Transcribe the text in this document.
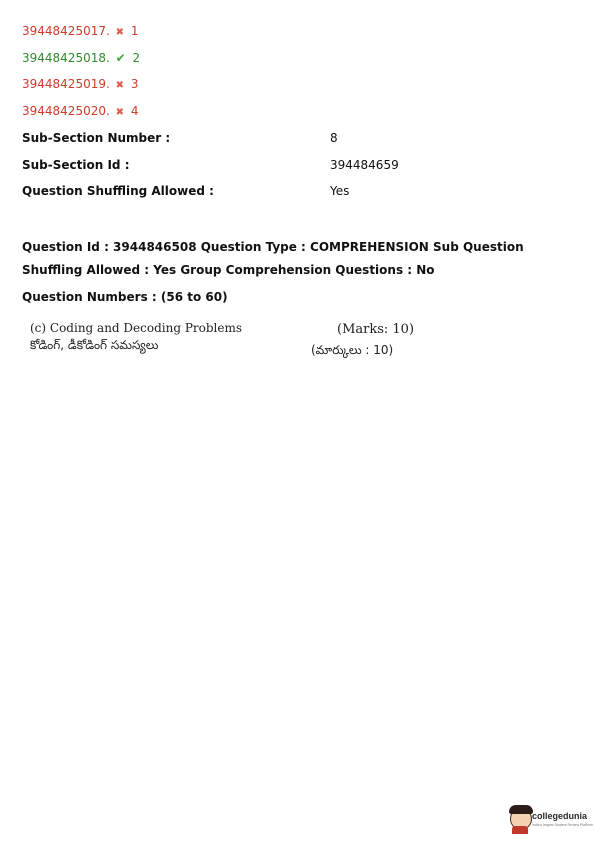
39448425017. ✖ 1
39448425018. ✔ 2
39448425019. ✖ 3
39448425020. ✖ 4
Sub-Section Number :	8
Sub-Section Id :	394484659
Question Shuffling Allowed :	Yes
Question Id : 3944846508 Question Type : COMPREHENSION Sub Question Shuffling Allowed : Yes Group Comprehension Questions : No
Question Numbers : (56 to 60)
(c) Coding and Decoding Problems	(Marks: 10)
కోడింగ్, డీకోడింగ్ సమస్యలు	(మార్కులు : 10)
collegedunia
India's largest Student Review Platform
